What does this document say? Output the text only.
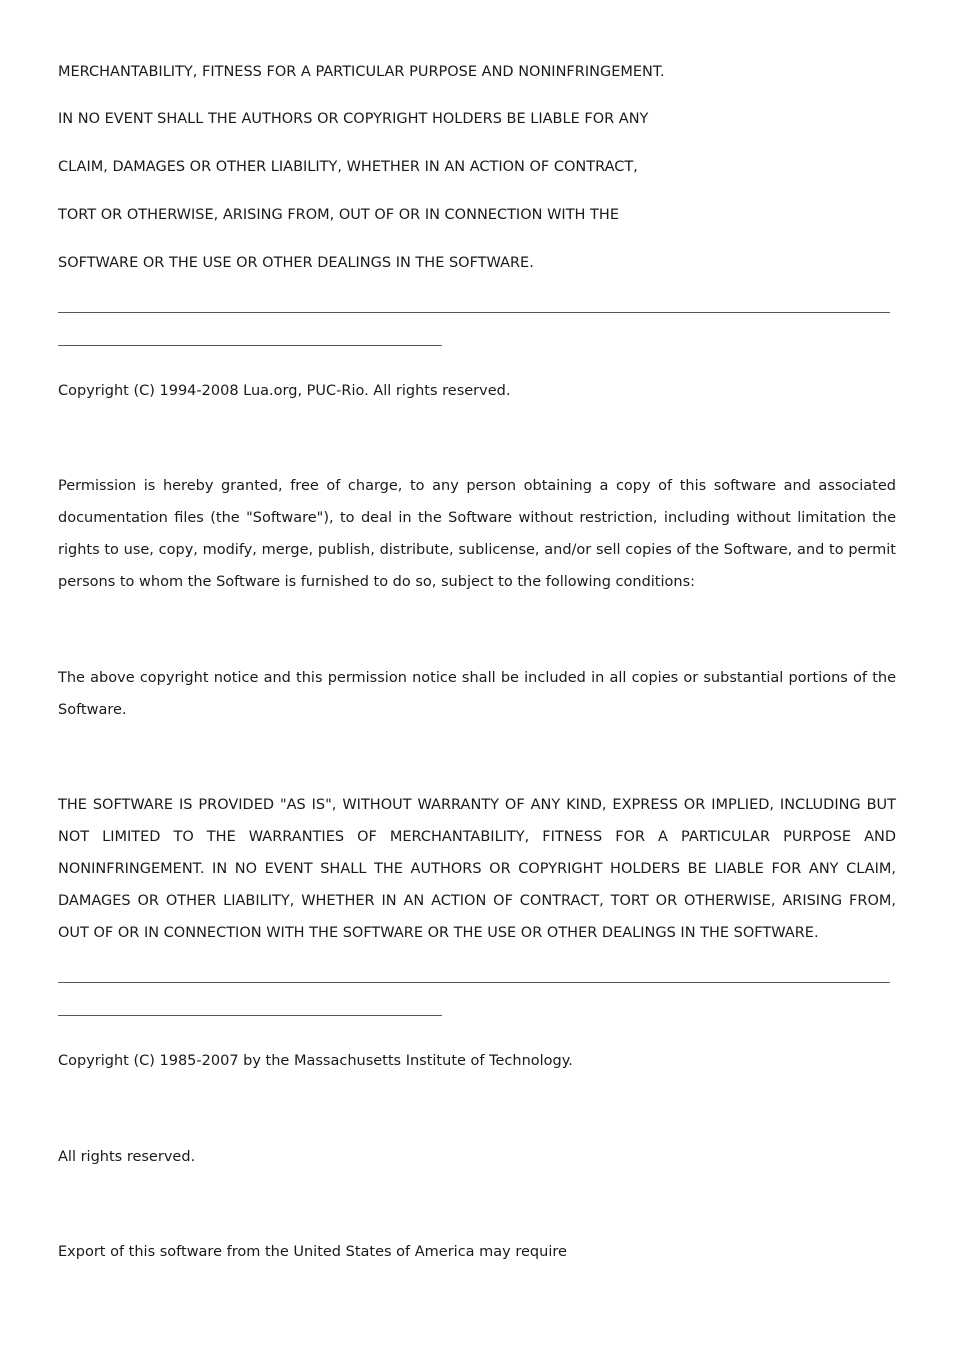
MERCHANTABILITY, FITNESS FOR A PARTICULAR PURPOSE AND NONINFRINGEMENT.
IN NO EVENT SHALL THE AUTHORS OR COPYRIGHT HOLDERS BE LIABLE FOR ANY
CLAIM, DAMAGES OR OTHER LIABILITY, WHETHER IN AN ACTION OF CONTRACT,
TORT OR OTHERWISE, ARISING FROM, OUT OF OR IN CONNECTION WITH THE
SOFTWARE OR THE USE OR OTHER DEALINGS IN THE SOFTWARE.
Copyright (C) 1994-2008 Lua.org, PUC-Rio. All rights reserved.
Permission is hereby granted, free of charge, to any person obtaining a copy of this software and associated documentation files (the "Software"), to deal in the Software without restriction, including without limitation the rights to use, copy, modify, merge, publish, distribute, sublicense, and/or sell copies of the Software, and to permit persons to whom the Software is furnished to do so, subject to the following conditions:
The above copyright notice and this permission notice shall be included in all copies or substantial portions of the Software.
THE SOFTWARE IS PROVIDED "AS IS", WITHOUT WARRANTY OF ANY KIND, EXPRESS OR IMPLIED, INCLUDING BUT NOT LIMITED TO THE WARRANTIES OF MERCHANTABILITY, FITNESS FOR A PARTICULAR PURPOSE AND NONINFRINGEMENT. IN NO EVENT SHALL THE AUTHORS OR COPYRIGHT HOLDERS BE LIABLE FOR ANY CLAIM, DAMAGES OR OTHER LIABILITY, WHETHER IN AN ACTION OF CONTRACT, TORT OR OTHERWISE, ARISING FROM, OUT OF OR IN CONNECTION WITH THE SOFTWARE OR THE USE OR OTHER DEALINGS IN THE SOFTWARE.
Copyright (C) 1985-2007 by the Massachusetts Institute of Technology.
All rights reserved.
Export of this software from the United States of America may require
